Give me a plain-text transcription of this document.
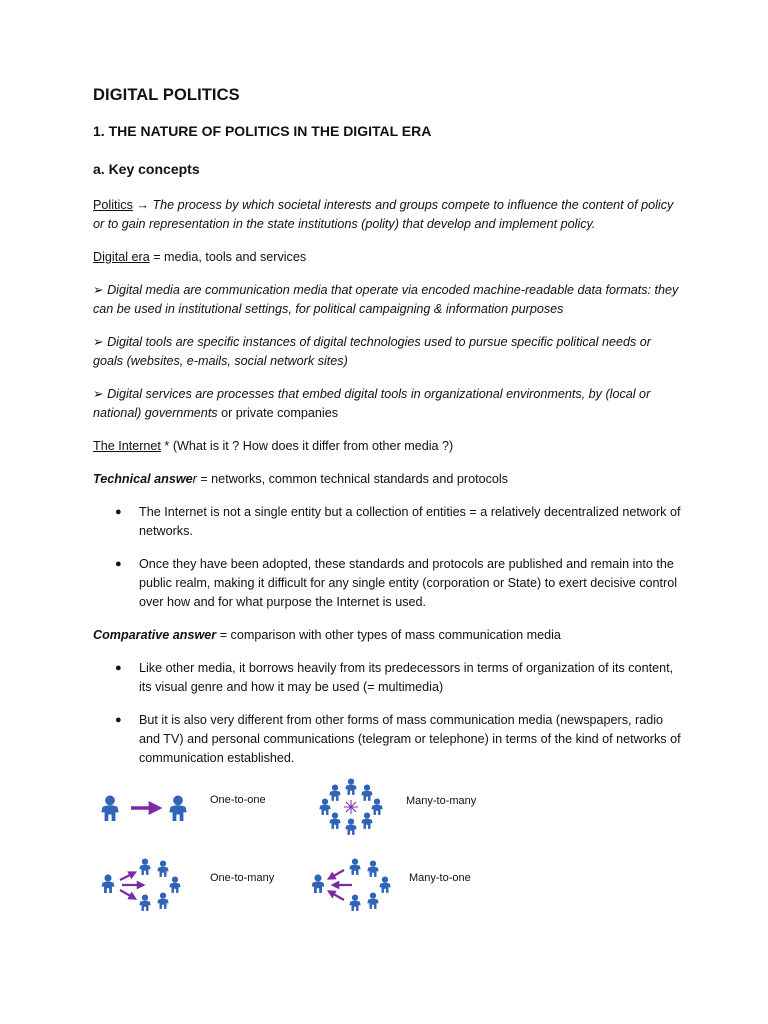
DIGITAL POLITICS
1. THE NATURE OF POLITICS IN THE DIGITAL ERA
a. Key concepts

Politics → The process by which societal interests and groups compete to influence the content of policy or to gain representation in the state institutions (polity) that develop and implement policy.

Digital era = media, tools and services

➢ Digital media are communication media that operate via encoded machine-readable data formats: they can be used in institutional settings, for political campaigning & information purposes

➢ Digital tools are specific instances of digital technologies used to pursue specific political needs or goals (websites, e-mails, social network sites)

➢ Digital services are processes that embed digital tools in organizational environments, by (local or national) governments or private companies

The Internet * (What is it ? How does it differ from other media ?)

Technical answer = networks, common technical standards and protocols

● The Internet is not a single entity but a collection of entities = a relatively decentralized network of networks.
● Once they have been adopted, these standards and protocols are published and remain into the public realm, making it difficult for any single entity (corporation or State) to exert decisive control over how and for what purpose the Internet is used.

Comparative answer = comparison with other types of mass communication media

● Like other media, it borrows heavily from its predecessors in terms of organization of its content, its visual genre and how it may be used (= multimedia)
● But it is also very different from other forms of mass communication media (newspapers, radio and TV) and personal communications (telegram or telephone) in terms of the kind of networks of communication established.
One-to-one	Many-to-many
One-to-many	Many-to-one
